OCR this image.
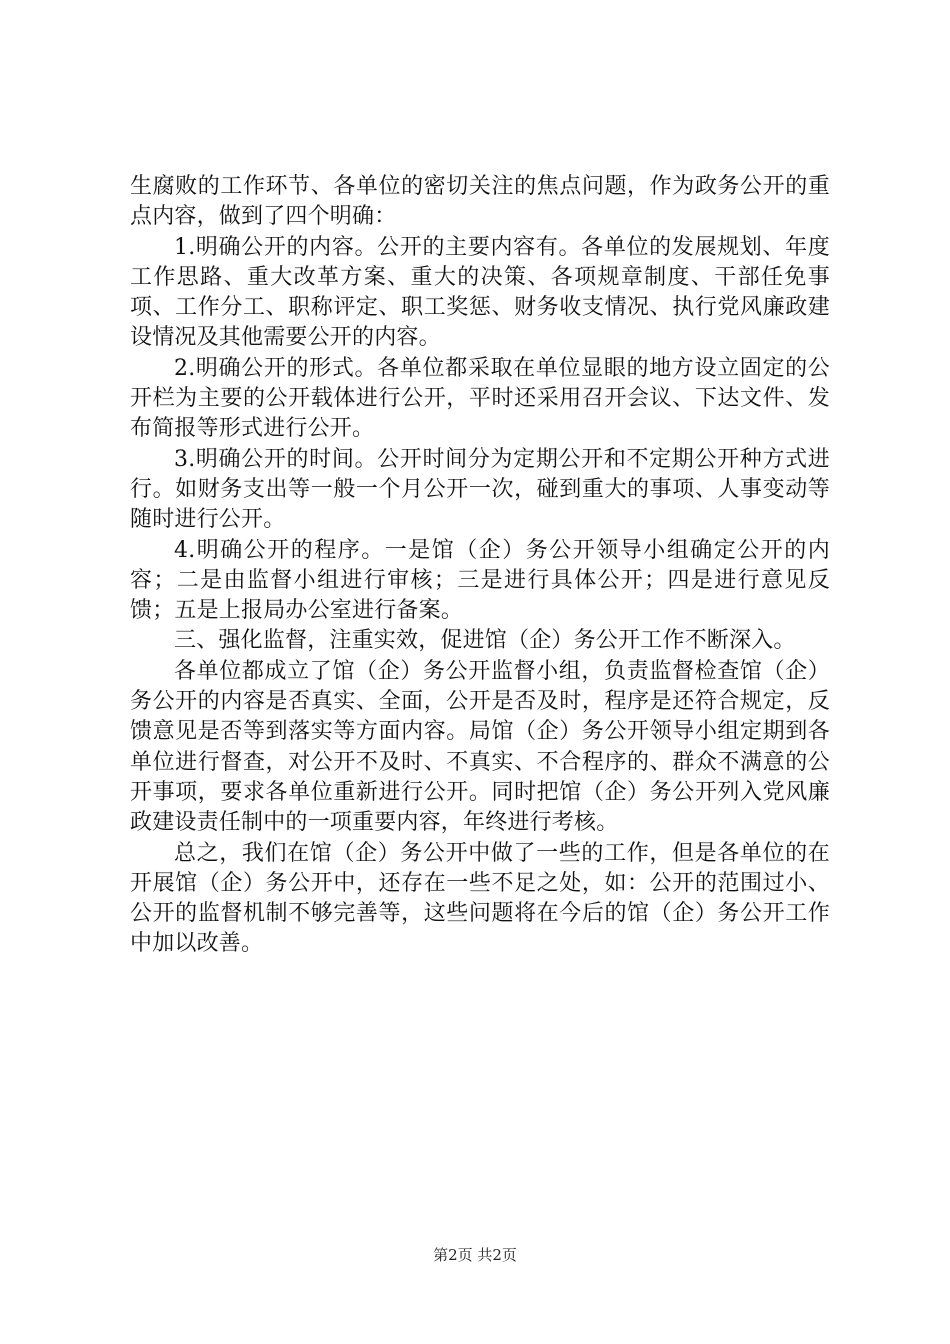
生腐败的工作环节、各单位的密切关注的焦点问题，作为政务公开的重点内容，做到了四个明确：

1.明确公开的内容。公开的主要内容有。各单位的发展规划、年度工作思路、重大改革方案、重大的决策、各项规章制度、干部任免事项、工作分工、职称评定、职工奖惩、财务收支情况、执行党风廉政建设情况及其他需要公开的内容。

2.明确公开的形式。各单位都采取在单位显眼的地方设立固定的公开栏为主要的公开载体进行公开，平时还采用召开会议、下达文件、发布简报等形式进行公开。

3.明确公开的时间。公开时间分为定期公开和不定期公开种方式进行。如财务支出等一般一个月公开一次，碰到重大的事项、人事变动等随时进行公开。

4.明确公开的程序。一是馆（企）务公开领导小组确定公开的内容；二是由监督小组进行审核；三是进行具体公开；四是进行意见反馈；五是上报局办公室进行备案。

三、强化监督，注重实效，促进馆（企）务公开工作不断深入。

各单位都成立了馆（企）务公开监督小组，负责监督检查馆（企）务公开的内容是否真实、全面，公开是否及时，程序是还符合规定，反馈意见是否等到落实等方面内容。局馆（企）务公开领导小组定期到各单位进行督查，对公开不及时、不真实、不合程序的、群众不满意的公开事项，要求各单位重新进行公开。同时把馆（企）务公开列入党风廉政建设责任制中的一项重要内容，年终进行考核。

总之，我们在馆（企）务公开中做了一些的工作，但是各单位的在开展馆（企）务公开中，还存在一些不足之处，如：公开的范围过小、公开的监督机制不够完善等，这些问题将在今后的馆（企）务公开工作中加以改善。

第2页 共2页
